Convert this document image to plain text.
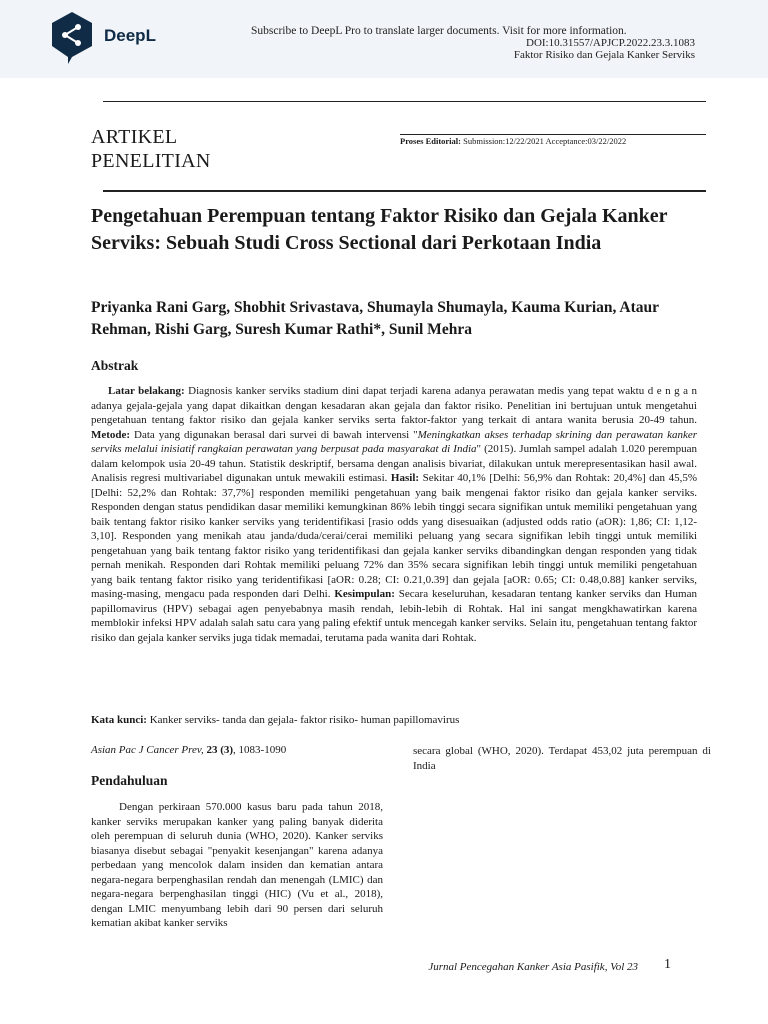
DeepL	Subscribe to DeepL Pro to translate larger documents. Visit for more information.
DOI:10.31557/APJCP.2022.23.3.1083
Faktor Risiko dan Gejala Kanker Serviks
ARTIKEL
PENELITIAN
Proses Editorial: Submission:12/22/2021 Acceptance:03/22/2022
Pengetahuan Perempuan tentang Faktor Risiko dan Gejala Kanker Serviks: Sebuah Studi Cross Sectional dari Perkotaan India
Priyanka Rani Garg, Shobhit Srivastava, Shumayla Shumayla, Kauma Kurian, Ataur Rehman, Rishi Garg, Suresh Kumar Rathi*, Sunil Mehra
Abstrak

Latar belakang: Diagnosis kanker serviks stadium dini dapat terjadi karena adanya perawatan medis yang tepat waktu d e n g a n adanya gejala-gejala yang dapat dikaitkan dengan kesadaran akan gejala dan faktor risiko. Penelitian ini bertujuan untuk mengetahui pengetahuan tentang faktor risiko dan gejala kanker serviks serta faktor-faktor yang terkait di antara wanita berusia 20-49 tahun. Metode: Data yang digunakan berasal dari survei di bawah intervensi "Meningkatkan akses terhadap skrining dan perawatan kanker serviks melalui inisiatif rangkaian perawatan yang berpusat pada masyarakat di India" (2015). Jumlah sampel adalah 1.020 perempuan dalam kelompok usia 20-49 tahun. Statistik deskriptif, bersama dengan analisis bivariat, dilakukan untuk merepresentasikan hasil awal. Analisis regresi multivariabel digunakan untuk mewakili estimasi. Hasil: Sekitar 40,1% [Delhi: 56,9% dan Rohtak: 20,4%] dan 45,5% [Delhi: 52,2% dan Rohtak: 37,7%] responden memiliki pengetahuan yang baik mengenai faktor risiko dan gejala kanker serviks. Responden dengan status pendidikan dasar memiliki kemungkinan 86% lebih tinggi secara signifikan untuk memiliki pengetahuan yang baik tentang faktor risiko kanker serviks yang teridentifikasi [rasio odds yang disesuaikan (adjusted odds ratio (aOR): 1,86; CI: 1,12-3,10]. Responden yang menikah atau janda/duda/cerai/cerai memiliki peluang yang secara signifikan lebih tinggi untuk memiliki pengetahuan yang baik tentang faktor risiko yang teridentifikasi dan gejala kanker serviks dibandingkan dengan responden yang tidak pernah menikah. Responden dari Rohtak memiliki peluang 72% dan 35% secara signifikan lebih tinggi untuk memiliki pengetahuan yang baik tentang faktor risiko yang teridentifikasi [aOR: 0.28; CI: 0.21,0.39] dan gejala [aOR: 0.65; CI: 0.48,0.88] kanker serviks, masing-masing, mengacu pada responden dari Delhi. Kesimpulan: Secara keseluruhan, kesadaran tentang kanker serviks dan Human papillomavirus (HPV) sebagai agen penyebabnya masih rendah, lebih-lebih di Rohtak. Hal ini sangat mengkhawatirkan karena memblokir infeksi HPV adalah salah satu cara yang paling efektif untuk mencegah kanker serviks. Selain itu, pengetahuan tentang faktor risiko dan gejala kanker serviks juga tidak memadai, terutama pada wanita dari Rohtak.

Kata kunci: Kanker serviks- tanda dan gejala- faktor risiko- human papillomavirus

Asian Pac J Cancer Prev, 23 (3), 1083-1090
Pendahuluan

Dengan perkiraan 570.000 kasus baru pada tahun 2018, kanker serviks merupakan kanker yang paling banyak diderita oleh perempuan di seluruh dunia (WHO, 2020). Kanker serviks biasanya disebut sebagai "penyakit kesenjangan" karena adanya perbedaan yang mencolok dalam insiden dan kematian antara negara-negara berpenghasilan rendah dan menengah (LMIC) dan negara-negara berpenghasilan tinggi (HIC) (Vu et al., 2018), dengan LMIC menyumbang lebih dari 90 persen dari seluruh kematian akibat kanker serviks

secara global (WHO, 2020). Terdapat 453,02 juta perempuan di India

Jurnal Pencegahan Kanker Asia Pasifik, Vol 23 1
